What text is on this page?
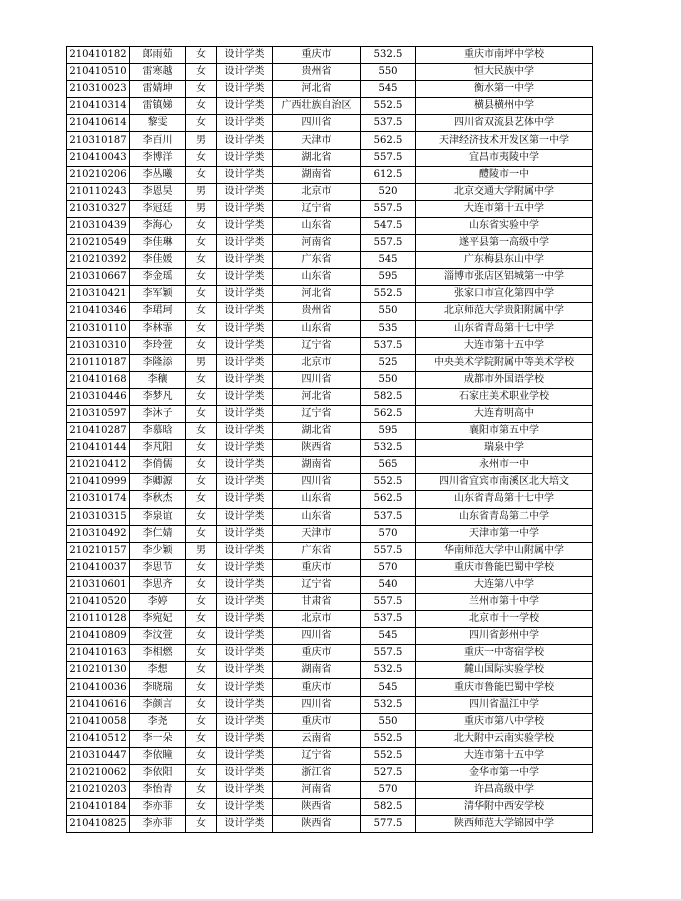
210410182	郎雨茹	女	设计学类	重庆市	532.5	重庆市南坪中学校
210410510	雷寒越	女	设计学类	贵州省	550	恒大民族中学
210310023	雷婧坤	女	设计学类	河北省	545	衡水第一中学
210410314	雷镇娣	女	设计学类	广西壮族自治区	552.5	横县横州中学
210410614	黎雯	女	设计学类	四川省	537.5	四川省双流县艺体中学
210310187	李百川	男	设计学类	天津市	562.5	天津经济技术开发区第一中学
210410043	李博洋	女	设计学类	湖北省	557.5	宜昌市夷陵中学
210210206	李丛曦	女	设计学类	湖南省	612.5	醴陵市一中
210110243	李恩昊	男	设计学类	北京市	520	北京交通大学附属中学
210310327	李冠廷	男	设计学类	辽宁省	557.5	大连市第十五中学
210310439	李海心	女	设计学类	山东省	547.5	山东省实验中学
210210549	李佳琳	女	设计学类	河南省	557.5	遂平县第一高级中学
210210392	李佳媛	女	设计学类	广东省	545	广东梅县东山中学
210310667	李金瑶	女	设计学类	山东省	595	淄博市张店区铝城第一中学
210310421	李军颖	女	设计学类	河北省	552.5	张家口市宣化第四中学
210410346	李珺珂	女	设计学类	贵州省	550	北京师范大学贵阳附属中学
210310110	李林霏	女	设计学类	山东省	535	山东省青岛第十七中学
210310310	李玲萱	女	设计学类	辽宁省	537.5	大连市第十五中学
210110187	李隆添	男	设计学类	北京市	525	中央美术学院附属中等美术学校
210410168	李穰	女	设计学类	四川省	550	成都市外国语学校
210310446	李梦凡	女	设计学类	河北省	582.5	石家庄美术职业学校
210310597	李沐子	女	设计学类	辽宁省	562.5	大连育明高中
210410287	李慕晗	女	设计学类	湖北省	595	襄阳市第五中学
210410144	李芃阳	女	设计学类	陕西省	532.5	瑞泉中学
210210412	李俏儒	女	设计学类	湖南省	565	永州市一中
210410999	李卿源	女	设计学类	四川省	552.5	四川省宜宾市南溪区北大培文
210310174	李秋杰	女	设计学类	山东省	562.5	山东省青岛第十七中学
210310315	李泉谊	女	设计学类	山东省	537.5	山东省青岛第二中学
210310492	李仁婧	女	设计学类	天津市	570	天津市第一中学
210210157	李少颖	男	设计学类	广东省	557.5	华南师范大学中山附属中学
210410037	李思节	女	设计学类	重庆市	570	重庆市鲁能巴蜀中学校
210310601	李思齐	女	设计学类	辽宁省	540	大连第八中学
210410520	李婷	女	设计学类	甘肃省	557.5	兰州市第十中学
210110128	李宛妃	女	设计学类	北京市	537.5	北京市十一学校
210410809	李汶萱	女	设计学类	四川省	545	四川省彭州中学
210410163	李相燃	女	设计学类	重庆市	557.5	重庆一中寄宿学校
210210130	李想	女	设计学类	湖南省	532.5	麓山国际实验学校
210410036	李晓瑞	女	设计学类	重庆市	545	重庆市鲁能巴蜀中学校
210410616	李颜言	女	设计学类	四川省	532.5	四川省温江中学
210410058	李尧	女	设计学类	重庆市	550	重庆市第八中学校
210410512	李一朵	女	设计学类	云南省	552.5	北大附中云南实验学校
210310447	李依瞳	女	设计学类	辽宁省	552.5	大连市第十五中学
210210062	李依阳	女	设计学类	浙江省	527.5	金华市第一中学
210210203	李怡青	女	设计学类	河南省	570	许昌高级中学
210410184	李亦菲	女	设计学类	陕西省	582.5	清华附中西安学校
210410825	李亦菲	女	设计学类	陕西省	577.5	陕西师范大学锦园中学
